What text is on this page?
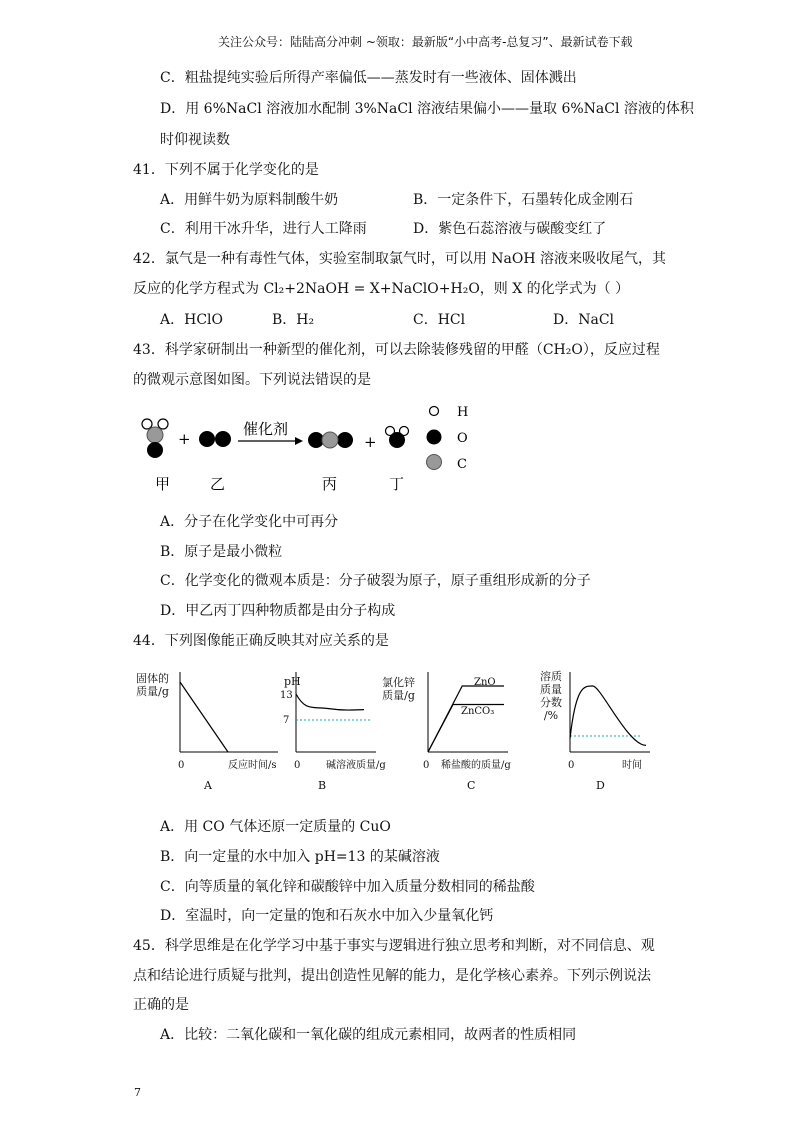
关注公众号：陆陆高分冲刺 ~领取：最新版“小中高考-总复习”、最新试卷下载
C．粗盐提纯实验后所得产率偏低——蒸发时有一些液体、固体溅出
D．用 6%NaCl 溶液加水配制 3%NaCl 溶液结果偏小——量取 6%NaCl 溶液的体积
时仰视读数
41．下列不属于化学变化的是
A．用鲜牛奶为原料制酸牛奶	B．一定条件下，石墨转化成金刚石
C．利用干冰升华，进行人工降雨	D．紫色石蕊溶液与碳酸变红了
42．氯气是一种有毒性气体，实验室制取氯气时，可以用 NaOH 溶液来吸收尾气，其
反应的化学方程式为 Cl₂+2NaOH = X+NaClO+H₂O，则 X 的化学式为（ ）
A．HClO	B．H₂	C．HCl	D．NaCl
43．科学家研制出一种新型的催化剂，可以去除装修残留的甲醛（CH₂O），反应过程
的微观示意图如图。下列说法错误的是
+
催化剂
+
H
O
C
甲	乙	丙	丁
A．分子在化学变化中可再分
B．原子是最小微粒
C．化学变化的微观本质是：分子破裂为原子，原子重组形成新的分子
D．甲乙丙丁四种物质都是由分子构成
44．下列图像能正确反映其对应关系的是
固体的
质量/g
0	反应时间/s
A
pH
13
7
0	碱溶液质量/g
B
氯化锌
质量/g
ZnO
ZnCO₃
0 稀盐酸的质量/g
C
溶质
质量
分数
/%
0	时间
D
A．用 CO 气体还原一定质量的 CuO
B．向一定量的水中加入 pH=13 的某碱溶液
C．向等质量的氧化锌和碳酸锌中加入质量分数相同的稀盐酸
D．室温时，向一定量的饱和石灰水中加入少量氧化钙
45．科学思维是在化学学习中基于事实与逻辑进行独立思考和判断，对不同信息、观
点和结论进行质疑与批判，提出创造性见解的能力，是化学核心素养。下列示例说法
正确的是
A．比较：二氧化碳和一氧化碳的组成元素相同，故两者的性质相同
7
